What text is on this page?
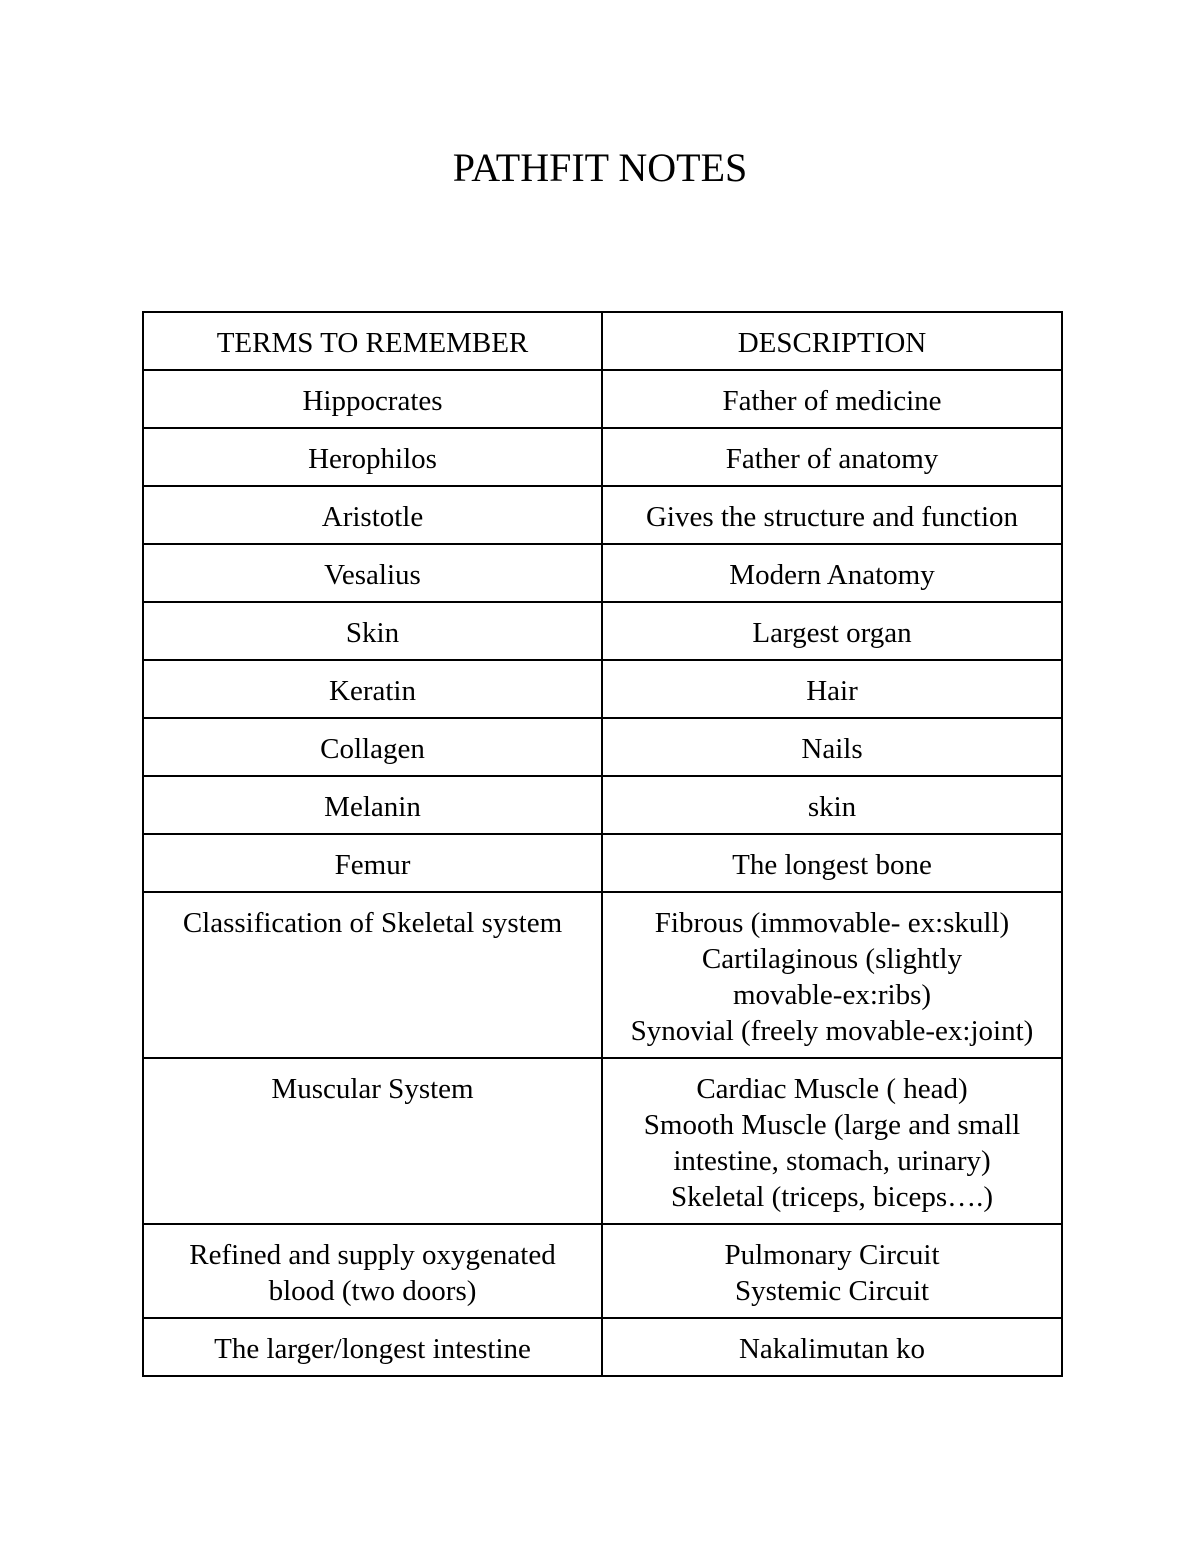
PATHFIT NOTES
TERMS TO REMEMBER	DESCRIPTION

Hippocrates	Father of medicine

Herophilos	Father of anatomy

Aristotle	Gives the structure and function

Vesalius	Modern Anatomy

Skin	Largest organ

Keratin	Hair

Collagen	Nails

Melanin	skin

Femur	The longest bone

Classification of Skeletal system	Fibrous (immovable- ex:skull)
Cartilaginous (slightly
movable-ex:ribs)
Synovial (freely movable-ex:joint)

Muscular System	Cardiac Muscle ( head)
Smooth Muscle (large and small
intestine, stomach, urinary)
Skeletal (triceps, biceps….)

Refined and supply oxygenated
blood (two doors)	Pulmonary Circuit
Systemic Circuit

The larger/longest intestine	Nakalimutan ko
